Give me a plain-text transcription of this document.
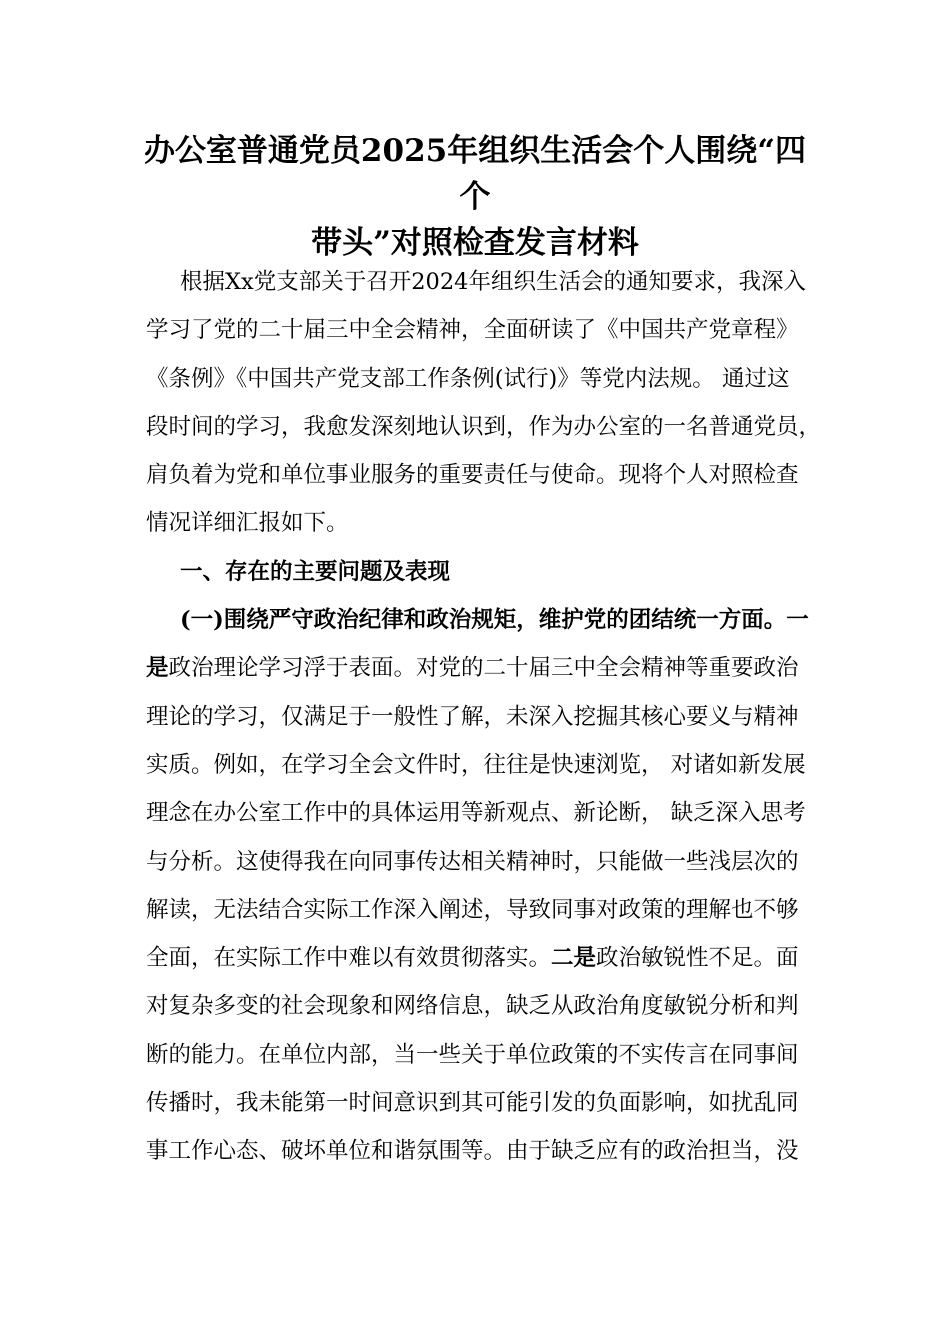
办公室普通党员2025年组织生活会个人围绕“四个
带头”对照检查发言材料
根据Xx党支部关于召开2024年组织生活会的通知要求，我深入
学习了党的二十届三中全会精神，全面研读了《中国共产党章程》
《条例》《中国共产党支部工作条例(试行)》等党内法规。 通过这
段时间的学习，我愈发深刻地认识到，作为办公室的一名普通党员，
肩负着为党和单位事业服务的重要责任与使命。现将个人对照检查
情况详细汇报如下。
一、存在的主要问题及表现
(一)围绕严守政治纪律和政治规矩，维护党的团结统一方面。一
是政治理论学习浮于表面。对党的二十届三中全会精神等重要政治
理论的学习，仅满足于一般性了解，未深入挖掘其核心要义与精神
实质。例如，在学习全会文件时，往往是快速浏览， 对诸如新发展
理念在办公室工作中的具体运用等新观点、新论断， 缺乏深入思考
与分析。这使得我在向同事传达相关精神时，只能做一些浅层次的
解读，无法结合实际工作深入阐述，导致同事对政策的理解也不够
全面，在实际工作中难以有效贯彻落实。二是政治敏锐性不足。面
对复杂多变的社会现象和网络信息，缺乏从政治角度敏锐分析和判
断的能力。在单位内部，当一些关于单位政策的不实传言在同事间
传播时，我未能第一时间意识到其可能引发的负面影响，如扰乱同
事工作心态、破坏单位和谐氛围等。由于缺乏应有的政治担当，没
